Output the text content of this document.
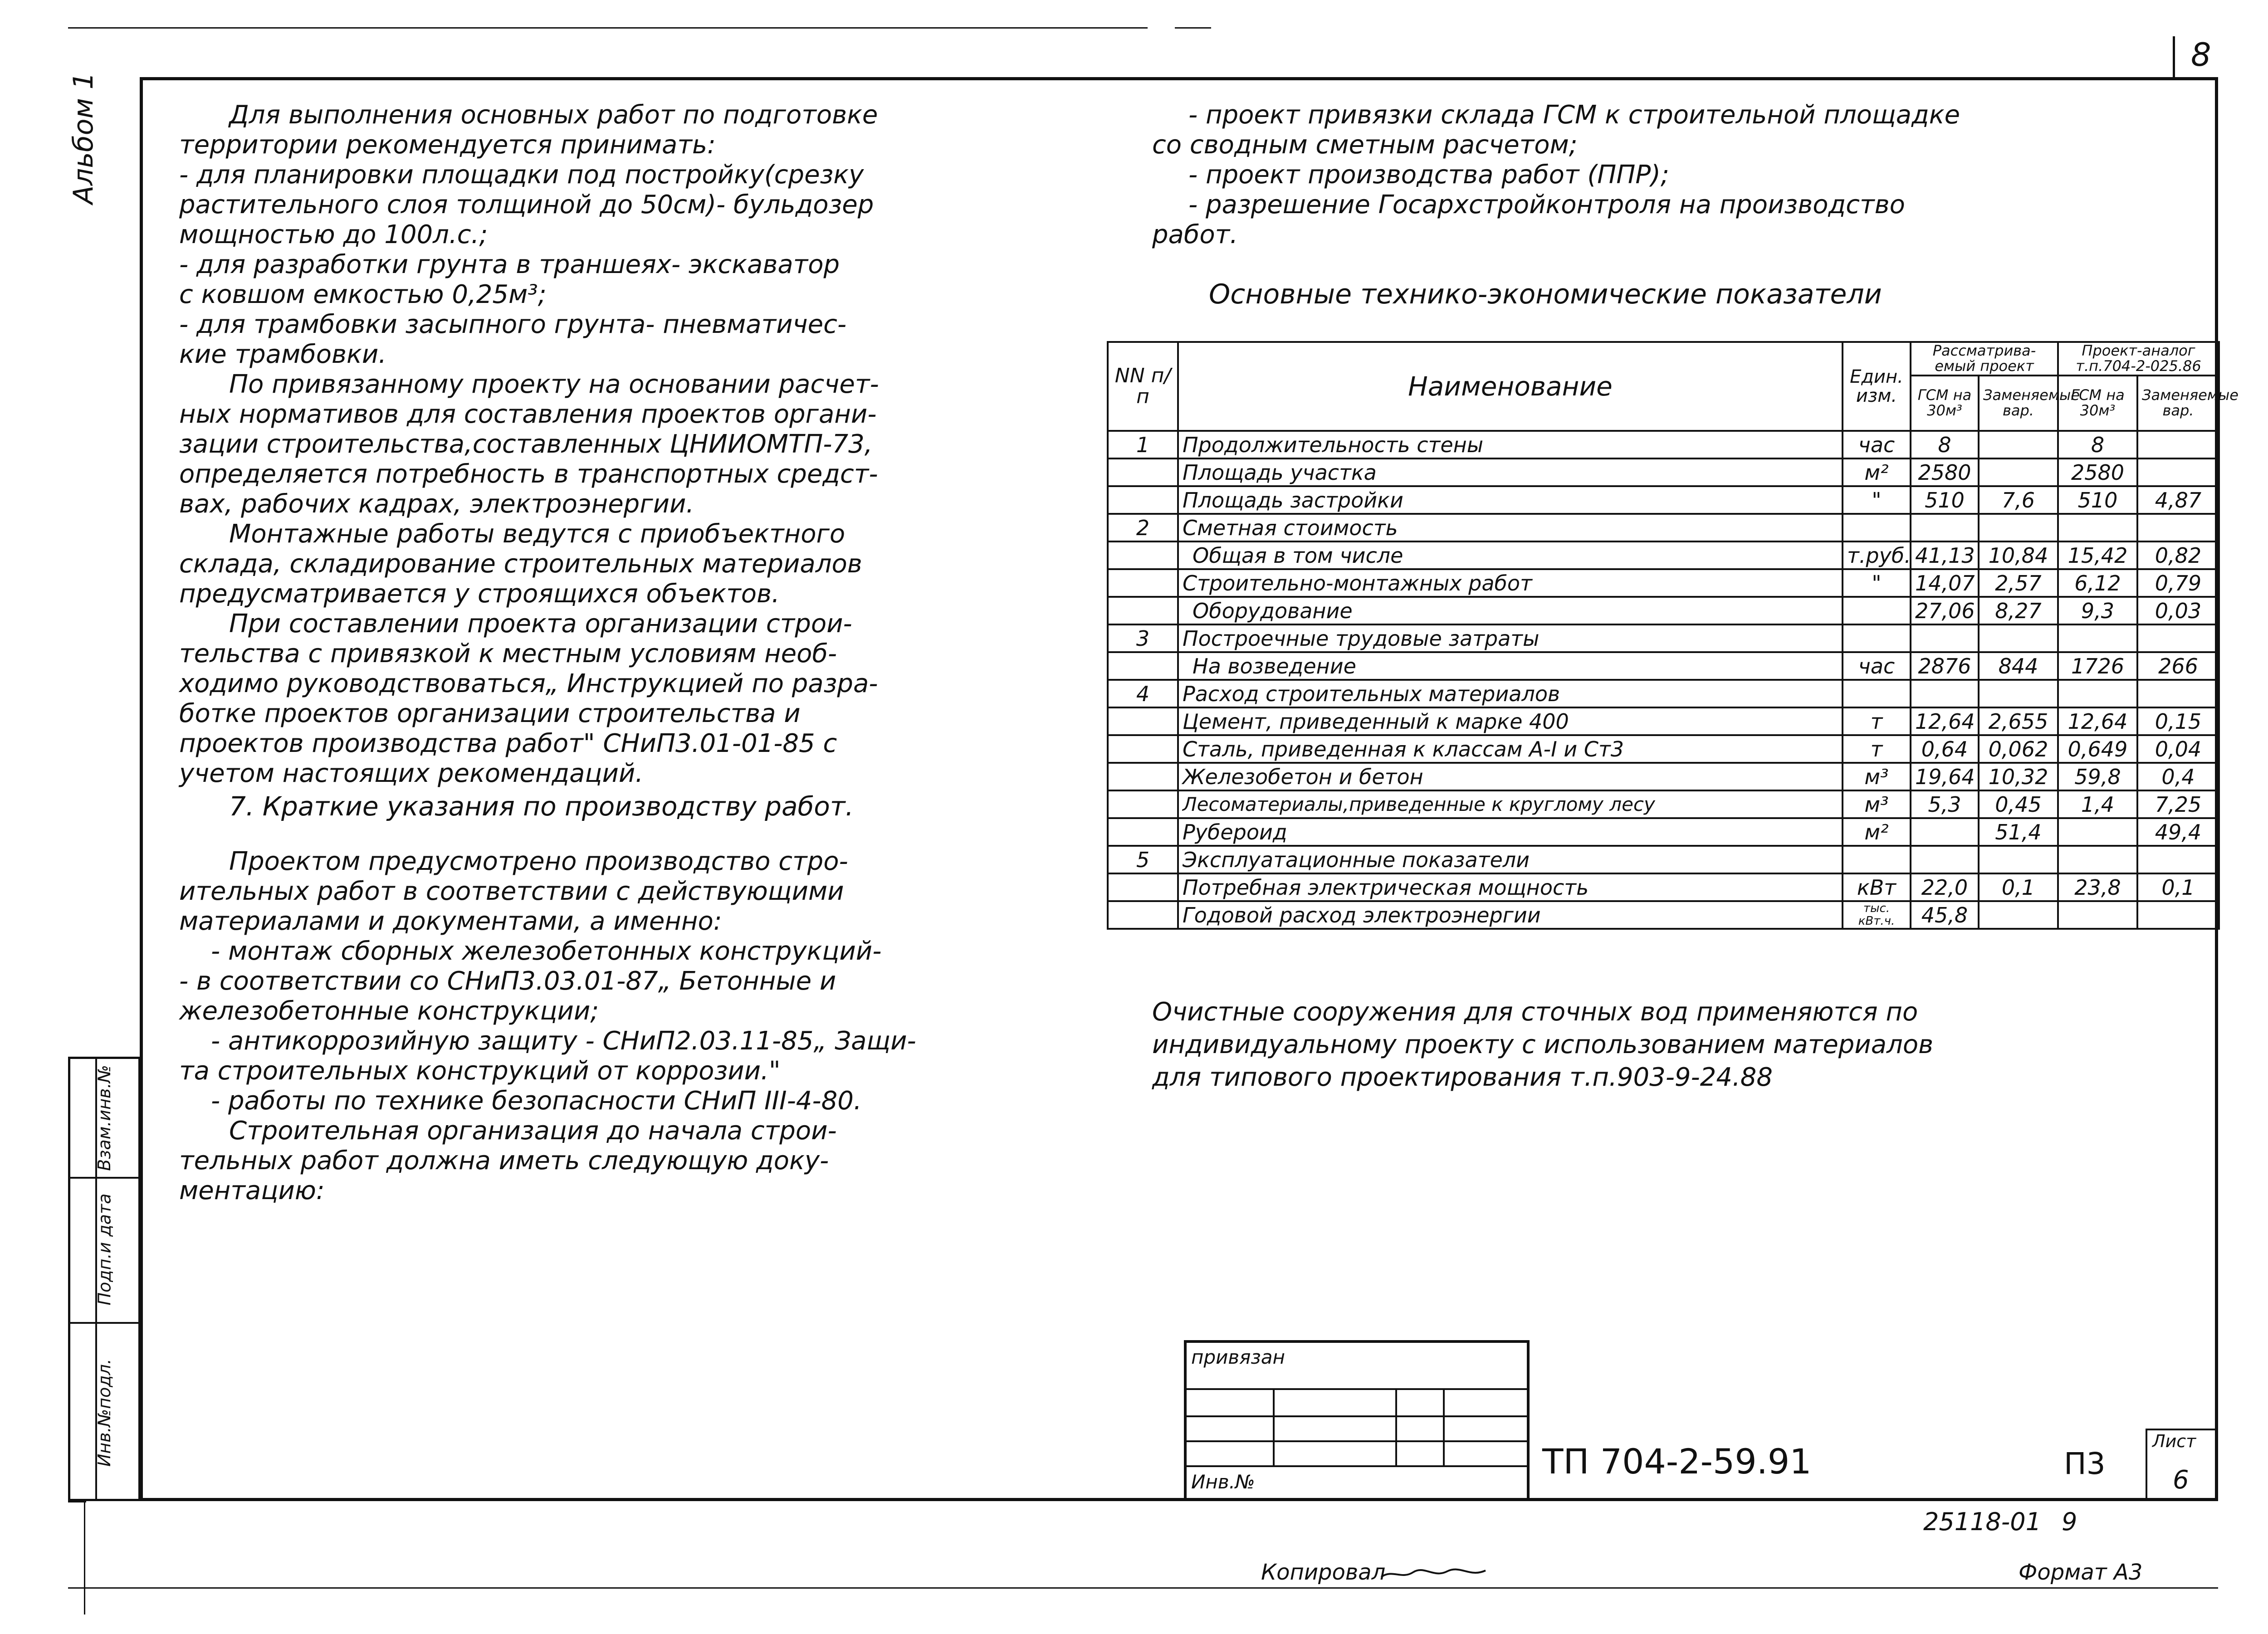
8
Альбом 1	Для выполнения основных работ по подготовке
территории рекомендуется принимать:
- для планировки площадки под постройку(срезку
растительного слоя толщиной до 50см)- бульдозер
мощностью до 100л.с.;
- для разработки грунта в траншеях- экскаватор
с ковшом емкостью 0,25м³;
- для трамбовки засыпного грунта- пневматичес-
кие трамбовки.
По привязанному проекту на основании расчет-
ных нормативов для составления проектов органи-
зации строительства,составленных ЦНИИОМТП-73,
определяется потребность в транспортных средст-
вах, рабочих кадрах, электроэнергии.
Монтажные работы ведутся с приобъектного
склада, складирование строительных материалов
предусматривается у строящихся объектов.
При составлении проекта организации строи-
тельства с привязкой к местным условиям необ-
ходимо руководствоваться„ Инструкцией по разра-
ботке проектов организации строительства и
проектов производства работ" СНиП3.01-01-85 с
учетом настоящих рекомендаций.
7. Краткие указания по производству работ.
Проектом предусмотрено производство стро-
ительных работ в соответствии с действующими
материалами и документами, а именно:
- монтаж сборных железобетонных конструкций-
- в соответствии со СНиП3.03.01-87„ Бетонные и
железобетонные конструкции;
- антикоррозийную защиту - СНиП2.03.11-85„ Защи-
та строительных конструкций от коррозии."
- работы по технике безопасности СНиП III-4-80.
Строительная организация до начала строи-
тельных работ должна иметь следующую доку-
ментацию:
- проект привязки склада ГСМ к строительной площадке
со сводным сметным расчетом;
- проект производства работ (ППР);
- разрешение Госархстройконтроля на производство
работ.
Основные технико-экономические показатели
NN п/п	Наименование	Един. изм.	Рассматрива- емый проект		Проект-аналог т.п.704-2-025.86	
			ГСМ на 30м³	Заменяемые вар.	ГСМ на 30м³	Заменяемые вар.
1	Продолжительность стены	час	8		8	
	Площадь участка	м²	2580		2580	
	Площадь застройки	"	510	7,6	510	4,87
2	Сметная стоимость					
	Общая в том числе	т.руб.	41,13	10,84	15,42	0,82
	Строительно-монтажных работ	"	14,07	2,57	6,12	0,79
	Оборудование		27,06	8,27	9,3	0,03
3	Построечные трудовые затраты					
	На возведение	час	2876	844	1726	266
4	Расход строительных материалов					
	Цемент, приведенный к марке 400	т	12,64	2,655	12,64	0,15
	Сталь, приведенная к классам А-I и Ст3	т	0,64	0,062	0,649	0,04
	Железобетон и бетон	м³	19,64	10,32	59,8	0,4
	Лесоматериалы,приведенные к круглому лесу	м³	5,3	0,45	1,4	7,25
	Рубероид	м²		51,4		49,4
5	Эксплуатационные показатели					
	Потребная электрическая мощность	кВт	22,0	0,1	23,8	0,1
	Годовой расход электроэнергии	тыс. кВт.ч.	45,8			
Очистные сооружения для сточных вод применяются по
индивидуальному проекту с использованием материалов
для типового проектирования т.п.903-9-24.88
привязан
Инв.№
ТП 704-2-59.91	П3
Лист
6
Взам.инв.№
Подп.и дата
Инв.№подл.
25118-01 9
Копировал	Формат А3
